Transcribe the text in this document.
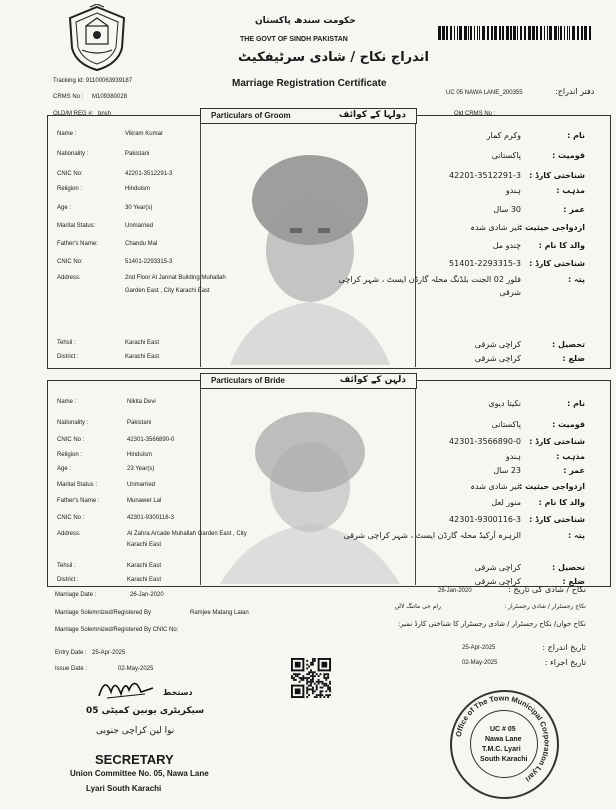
حکومت سندھ پاکستان
THE GOVT OF SINDH PAKISTAN
اندراج نکاح / شادی سرٹیفکیٹ
Marriage Registration Certificate
Tracking Id: 91100063939187
CRMS No : M109380028
OLD/M REG #: bnsh
UC 05 NAWA LANE_200355	دفتر اندراج:
Old CRMS No :
Particulars of Groom	دولہا کے کوائف
Name :	Vikram Kumar
Nationality :	Pakistani
CNIC No:	42201-3512291-3
Religion :	Hinduism
Age :	30 Year(s)
Marital Status:	Unmarried
Father's Name:	Chandu Mal
CNIC No:	51401-2293315-3
Address:	2nd Floor Al Jannat Building Muhallah
Garden East , City Karachi East
Tehsil :	Karachi East
District :	Karachi East
نام :
وکرم کمار
قومیت :
پاکستانی
شناختی کارڈ :
42201-3512291-3
مذہب :
ہندو
عمر :
30 سال
ازدواجی حیثیت :
غیر شادی شدہ
والد کا نام :
چندو مل
شناختی کارڈ :
51401-2293315-3
پتہ :
فلور 02 الجنت بلڈنگ محلہ گارڈن ایسٹ ، شہر کراچی
شرقی
تحصیل :
کراچی شرقی
ضلع :
کراچی شرقی
Particulars of Bride	دلہن کے کوائف
Name :	Nikita Devi
Nationality :	Pakistani
CNIC No :	42301-3566890-0
Religion :	Hinduism
Age :	23 Year(s)
Marital Status :	Unmarried
Father's Name :	Munawer Lal
CNIC No :	42301-9300116-3
Address:	Al Zahra Arcade Muhallah Garden East , City
Karachi East
Tehsil :	Karachi East
District :	Karachi East
نام :
نکیتا دیوی
قومیت :
پاکستانی
شناختی کارڈ :
42301-3566890-0
مذہب :
ہندو
عمر :
23 سال
ازدواجی حیثیت :
غیر شادی شدہ
والد کا نام :
منور لعل
شناختی کارڈ :
42301-9300116-3
پتہ :
الزہرہ آرکیڈ محلہ گارڈن ایسٹ ، شہر کراچی شرقی
تحصیل :
کراچی شرقی
ضلع :
کراچی شرقی
Marriage Date :	26-Jan-2020
Marriage Solemnized/Registered By	Ramjee Matang Lalan
Marriage Solemnized/Registered By CNIC No:
26-Jan-2020	نکاح / شادی کی تاریخ :
نکاح رجسٹرار / شادی رجسٹرار :
رام جی ماتنگ لالن
نکاح خواں/ نکاح رجسٹرار / شادی رجسٹرار کا شناختی کارڈ نمبر:
Entry Date : 25-Apr-2025
Issue Date :	02-May-2025
25-Apr-2025	تاریخ اندراج :
02-May-2025	تاریخ اجراء :
دستخط
سیکریٹری یونین کمیٹی 05
نوا لین کراچی جنوبی
SECRETARY
Union Committee No. 05, Nawa Lane
Lyari South Karachi
Office of The Town Municipal Corporation Lyari
UC # 05
Nawa Lane
T.M.C. Lyari
South Karachi
